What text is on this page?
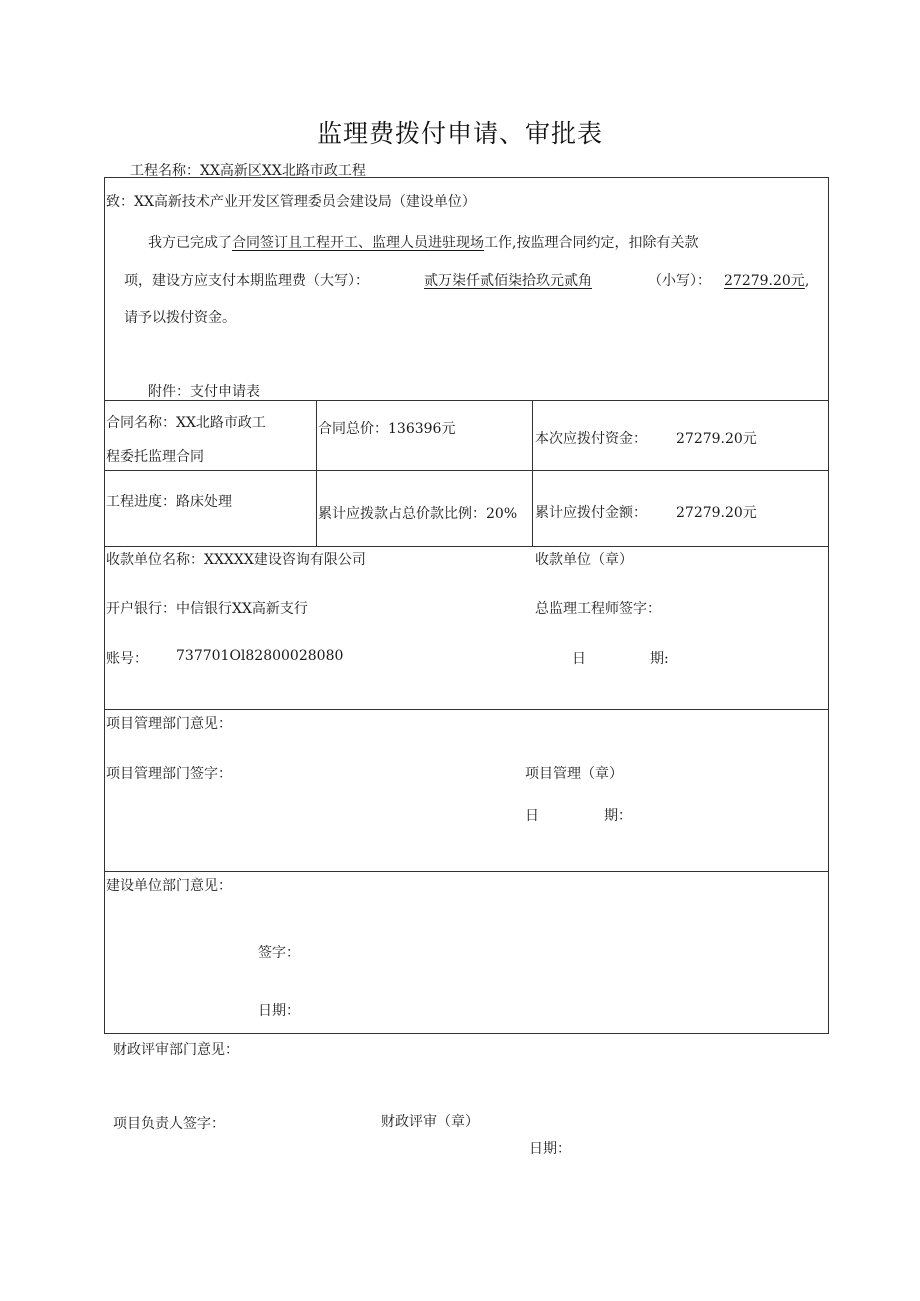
监理费拨付申请、审批表
工程名称：XX高新区XX北路市政工程
致：XX高新技术产业开发区管理委员会建设局（建设单位）
我方已完成了合同签订且工程开工、监理人员进驻现场工作,按监理合同约定，扣除有关款
项，建设方应支付本期监理费（大写）：	贰万柒仟贰佰柒拾玖元贰角	（小写）： 27279.20元,
请予以拨付资金。
附件：支付申请表
合同名称：XX北路市政工
程委托监理合同
合同总价：136396元
本次应拨付资金： 27279.20元
工程进度：路床处理
累计应拨款占总价款比例：20% 累计应拨付金额： 27279.20元
收款单位名称：XXXXX建设咨询有限公司	收款单位（章）
开户银行：中信银行XX高新支行	总监理工程师签字：
账号： 737701Ol82800028080	日	期:
项目管理部门意见：
项目管理部门签字：	项目管理（章）
日	期：
建设单位部门意见：
签字：
日期：
财政评审部门意见：
项目负责人签字：	财政评审（章）
日期：
